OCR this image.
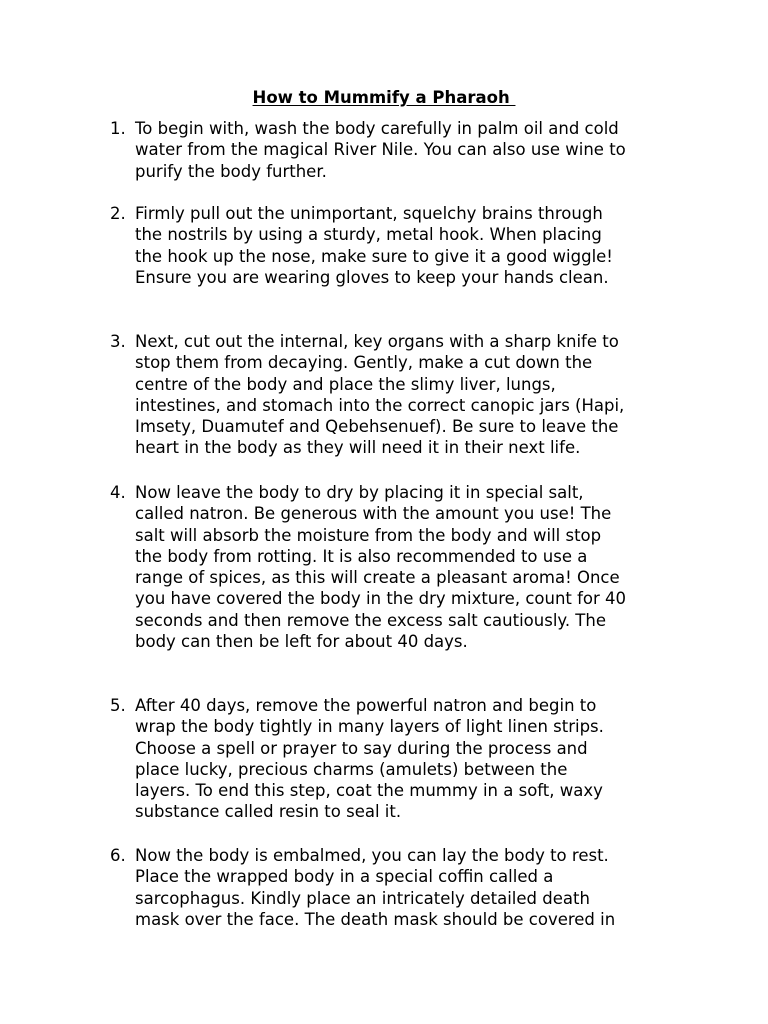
How to Mummify a Pharaoh
1. To begin with, wash the body carefully in palm oil and cold
water from the magical River Nile. You can also use wine to
purify the body further.
2. Firmly pull out the unimportant, squelchy brains through
the nostrils by using a sturdy, metal hook. When placing
the hook up the nose, make sure to give it a good wiggle!
Ensure you are wearing gloves to keep your hands clean.
3. Next, cut out the internal, key organs with a sharp knife to
stop them from decaying. Gently, make a cut down the
centre of the body and place the slimy liver, lungs,
intestines, and stomach into the correct canopic jars (Hapi,
Imsety, Duamutef and Qebehsenuef). Be sure to leave the
heart in the body as they will need it in their next life.
4. Now leave the body to dry by placing it in special salt,
called natron. Be generous with the amount you use! The
salt will absorb the moisture from the body and will stop
the body from rotting. It is also recommended to use a
range of spices, as this will create a pleasant aroma! Once
you have covered the body in the dry mixture, count for 40
seconds and then remove the excess salt cautiously. The
body can then be left for about 40 days.
5. After 40 days, remove the powerful natron and begin to
wrap the body tightly in many layers of light linen strips.
Choose a spell or prayer to say during the process and
place lucky, precious charms (amulets) between the
layers. To end this step, coat the mummy in a soft, waxy
substance called resin to seal it.
6. Now the body is embalmed, you can lay the body to rest.
Place the wrapped body in a special coffin called a
sarcophagus. Kindly place an intricately detailed death
mask over the face. The death mask should be covered in
